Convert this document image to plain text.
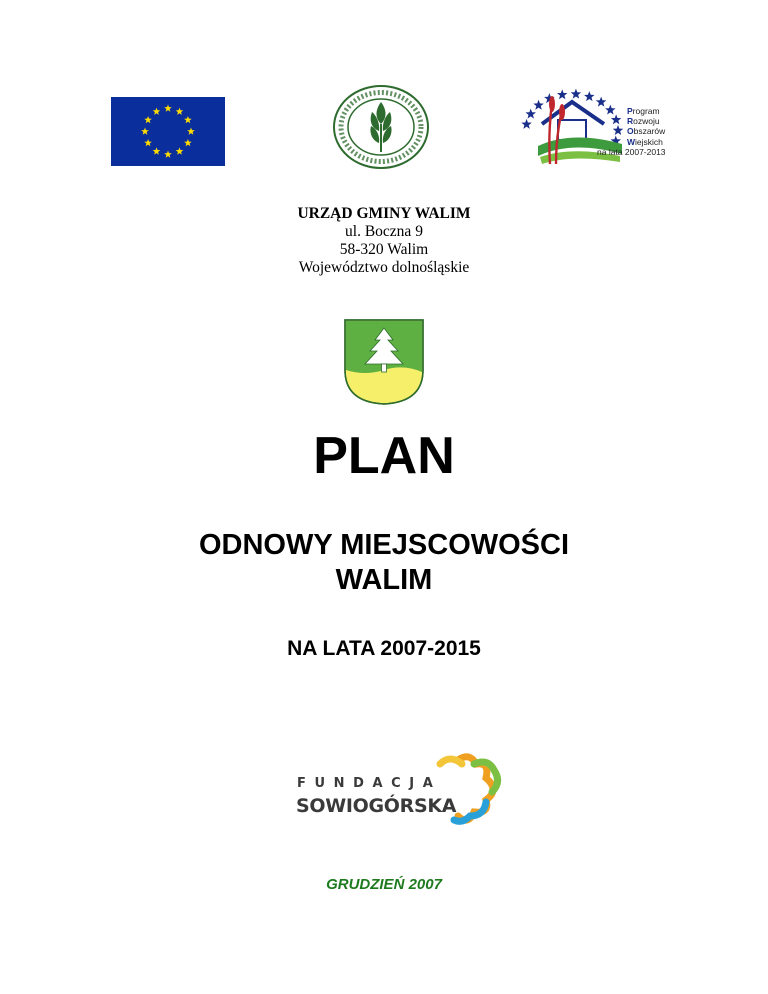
Program
Rozwoju
Obszarów
Wiejskich
na lata 2007-2013
URZĄD GMINY WALIM
ul. Boczna 9
58-320 Walim
Województwo dolnośląskie
PLAN
ODNOWY MIEJSCOWOŚCI
WALIM
NA LATA 2007-2015
FUNDACJA
SOWIOGÓRSKA
GRUDZIEŃ 2007
